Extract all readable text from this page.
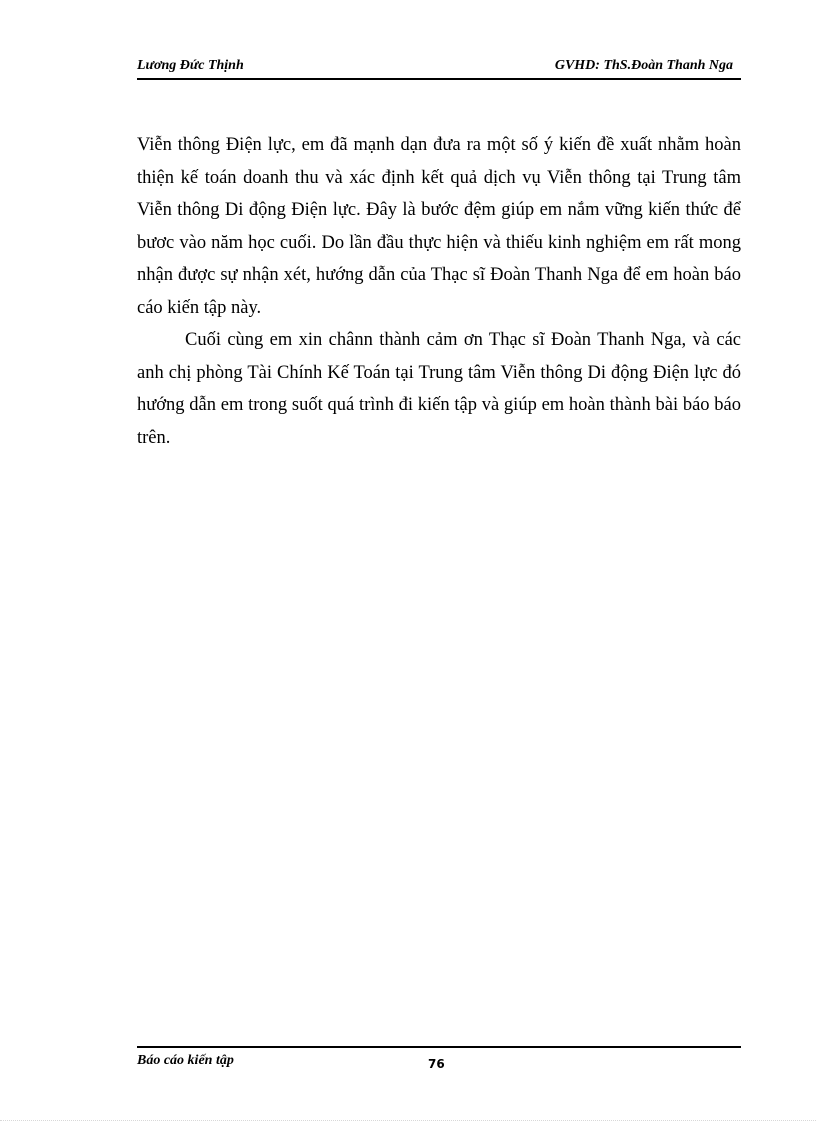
Lương Đức Thịnh	GVHD: ThS.Đoàn Thanh Nga

Viễn thông Điện lực, em đã mạnh dạn đưa ra một số ý kiến đề xuất nhằm hoàn thiện kế toán doanh thu và xác định kết quả dịch vụ Viễn thông tại Trung tâm Viễn thông Di động Điện lực. Đây là bước đệm giúp em nắm vững kiến thức để bươc vào năm học cuối. Do lần đầu thực hiện và thiếu kinh nghiệm em rất mong nhận được sự nhận xét, hướng dẫn của Thạc sĩ Đoàn Thanh Nga để em hoàn báo cáo kiến tập này.

Cuối cùng em xin chânn thành cảm ơn Thạc sĩ Đoàn Thanh Nga, và các anh chị phòng Tài Chính Kế Toán tại Trung tâm Viễn thông Di động Điện lực đó hướng dẫn em trong suốt quá trình đi kiến tập và giúp em hoàn thành bài báo báo trên.

Báo cáo kiến tập	76
